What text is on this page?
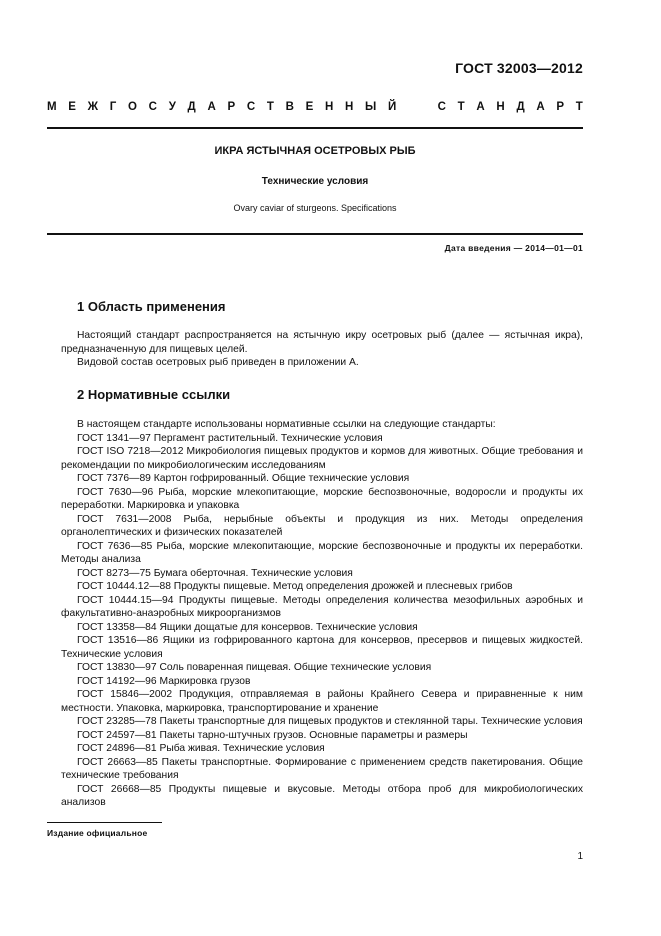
ГОСТ 32003—2012
М Е Ж Г О С У Д А Р С Т В Е Н Н Ы Й	С Т А Н Д А Р Т
ИКРА ЯСТЫЧНАЯ ОСЕТРОВЫХ РЫБ
Технические условия
Ovary caviar of sturgeons. Specifications
Дата введения — 2014—01—01
1 Область применения

Настоящий стандарт распространяется на ястычную икру осетровых рыб (далее — ястычная икра), предназначенную для пищевых целей.

Видовой состав осетровых рыб приведен в приложении А.

2 Нормативные ссылки

В настоящем стандарте использованы нормативные ссылки на следующие стандарты:

ГОСТ 1341—97 Пергамент растительный. Технические условия

ГОСТ ISO 7218—2012 Микробиология пищевых продуктов и кормов для животных. Общие требования и рекомендации по микробиологическим исследованиям

ГОСТ 7376—89 Картон гофрированный. Общие технические условия

ГОСТ 7630—96 Рыба, морские млекопитающие, морские беспозвоночные, водоросли и продукты их переработки. Маркировка и упаковка

ГОСТ 7631—2008 Рыба, нерыбные объекты и продукция из них. Методы определения органолептических и физических показателей

ГОСТ 7636—85 Рыба, морские млекопитающие, морские беспозвоночные и продукты их переработки. Методы анализа

ГОСТ 8273—75 Бумага оберточная. Технические условия

ГОСТ 10444.12—88 Продукты пищевые. Метод определения дрожжей и плесневых грибов

ГОСТ 10444.15—94 Продукты пищевые. Методы определения количества мезофильных аэробных и факультативно-анаэробных микроорганизмов

ГОСТ 13358—84 Ящики дощатые для консервов. Технические условия

ГОСТ 13516—86 Ящики из гофрированного картона для консервов, пресервов и пищевых жидкостей. Технические условия

ГОСТ 13830—97 Соль поваренная пищевая. Общие технические условия

ГОСТ 14192—96 Маркировка грузов

ГОСТ 15846—2002 Продукция, отправляемая в районы Крайнего Севера и приравненные к ним местности. Упаковка, маркировка, транспортирование и хранение

ГОСТ 23285—78 Пакеты транспортные для пищевых продуктов и стеклянной тары. Технические условия

ГОСТ 24597—81 Пакеты тарно-штучных грузов. Основные параметры и размеры

ГОСТ 24896—81 Рыба живая. Технические условия

ГОСТ 26663—85 Пакеты транспортные. Формирование с применением средств пакетирования. Общие технические требования

ГОСТ 26668—85 Продукты пищевые и вкусовые. Методы отбора проб для микробиологических анализов

Издание официальное
1
